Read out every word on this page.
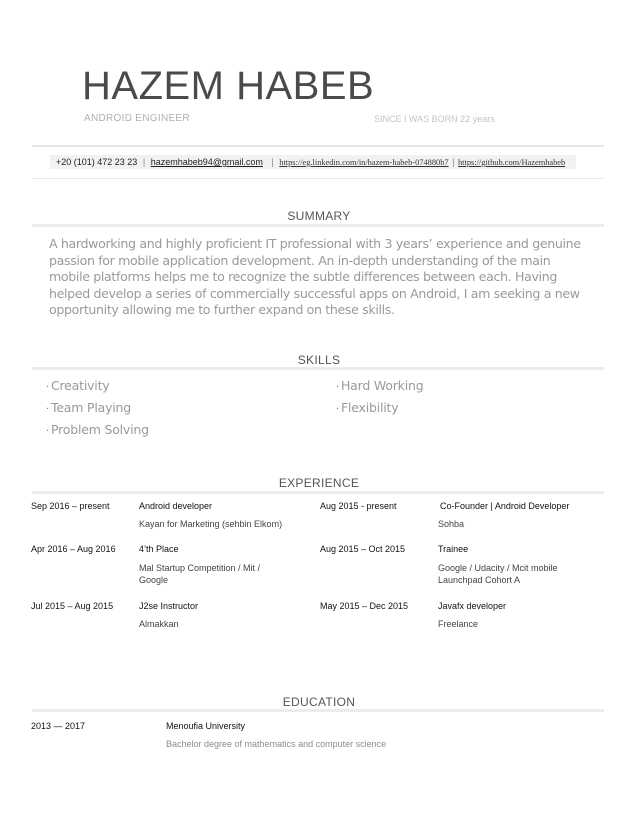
HAZEM HABEB
ANDROID ENGINEER	SINCE I WAS BORN 22 years
+20 (101) 472 23 23 | hazemhabeb94@gmail.com | https://eg.linkedin.com/in/hazem-habeb-074880b7 | https://github.com/Hazemhabeb
SUMMARY
A hardworking and highly proficient IT professional with 3 years’ experience and genuine passion for mobile application development. An in-depth understanding of the main mobile platforms helps me to recognize the subtle differences between each. Having helped develop a series of commercially successful apps on Android, I am seeking a new opportunity allowing me to further expand on these skills.
SKILLS
· Creativity	· Hard Working
· Team Playing	· Flexibility
· Problem Solving
EXPERIENCE
Sep 2016 – present	Android developer
Kayan for Marketing (sehbin Elkom)
Aug 2015 - present	Co-Founder | Android Developer
Sohba
Apr 2016 – Aug 2016	4’th Place
Mal Startup Competition / Mit /
Google
Aug 2015 – Oct 2015	Trainee
Google / Udacity / Mcit mobile
Launchpad Cohort A
Jul 2015 – Aug 2015	J2se Instructor
Almakkan
May 2015 – Dec 2015	Javafx developer
Freelance
EDUCATION
2013 — 2017	Menoufia University
Bachelor degree of mathematics and computer science
